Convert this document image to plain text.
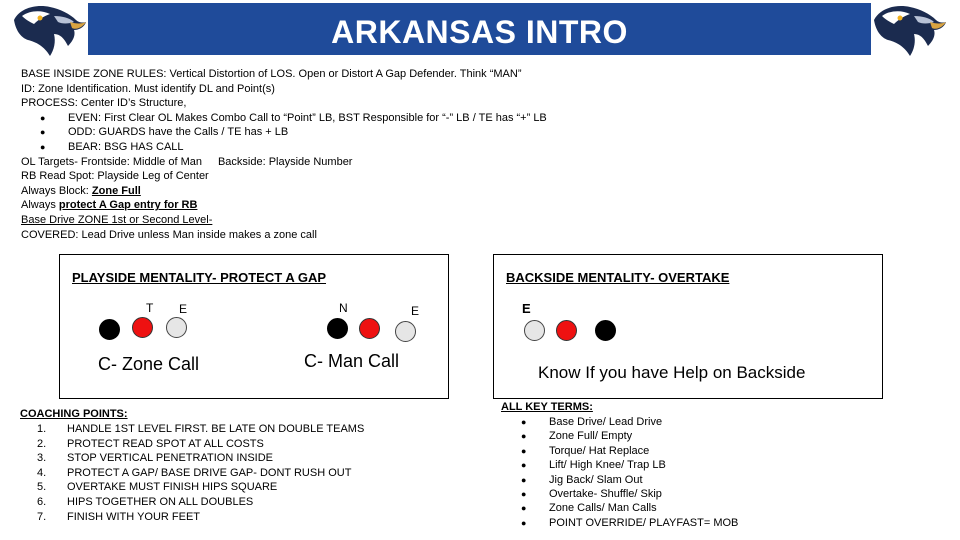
ARKANSAS INTRO
BASE INSIDE ZONE RULES: Vertical Distortion of LOS. Open or Distort A Gap Defender. Think “MAN”
ID: Zone Identification. Must identify DL and Point(s)
PROCESS: Center ID’s Structure,
● EVEN: First Clear OL Makes Combo Call to “Point” LB, BST Responsible for “-” LB / TE has “+” LB
● ODD: GUARDS have the Calls / TE has + LB
● BEAR: BSG HAS CALL
OL Targets- Frontside: Middle of Man Backside: Playside Number
RB Read Spot: Playside Leg of Center
Always Block: Zone Full
Always protect A Gap entry for RB
Base Drive ZONE 1st or Second Level-
COVERED: Lead Drive unless Man inside makes a zone call
PLAYSIDE MENTALITY- PROTECT A GAP
T E
C- Zone Call
N	E
C- Man Call
BACKSIDE MENTALITY- OVERTAKE
E
Know If you have Help on Backside
COACHING POINTS:
1. HANDLE 1ST LEVEL FIRST. BE LATE ON DOUBLE TEAMS
2. PROTECT READ SPOT AT ALL COSTS
3. STOP VERTICAL PENETRATION INSIDE
4. PROTECT A GAP/ BASE DRIVE GAP- DONT RUSH OUT
5. OVERTAKE MUST FINISH HIPS SQUARE
6. HIPS TOGETHER ON ALL DOUBLES
7. FINISH WITH YOUR FEET
ALL KEY TERMS:
● Base Drive/ Lead Drive
● Zone Full/ Empty
● Torque/ Hat Replace
● Lift/ High Knee/ Trap LB
● Jig Back/ Slam Out
● Overtake- Shuffle/ Skip
● Zone Calls/ Man Calls
● POINT OVERRIDE/ PLAYFAST= MOB
